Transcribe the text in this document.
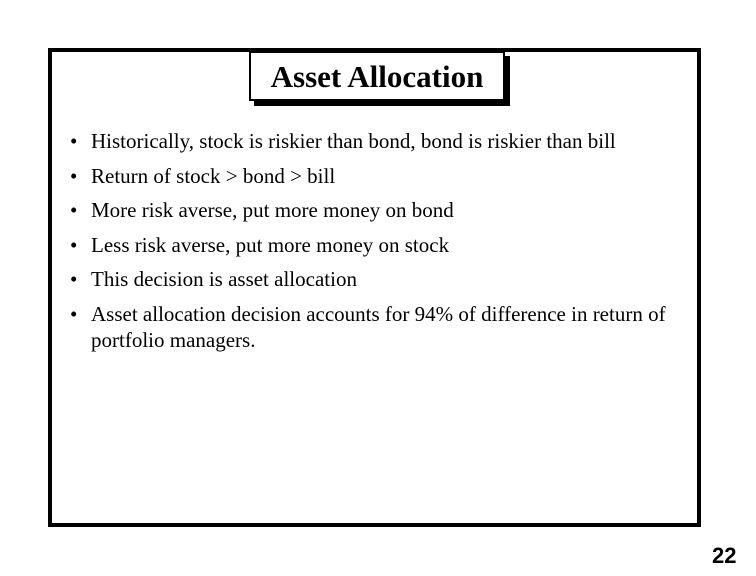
Asset Allocation
• Historically, stock is riskier than bond, bond is riskier than bill
• Return of stock > bond > bill
• More risk averse, put more money on bond
• Less risk averse, put more money on stock
• This decision is asset allocation
• Asset allocation decision accounts for 94% of difference in return of portfolio managers.
22
